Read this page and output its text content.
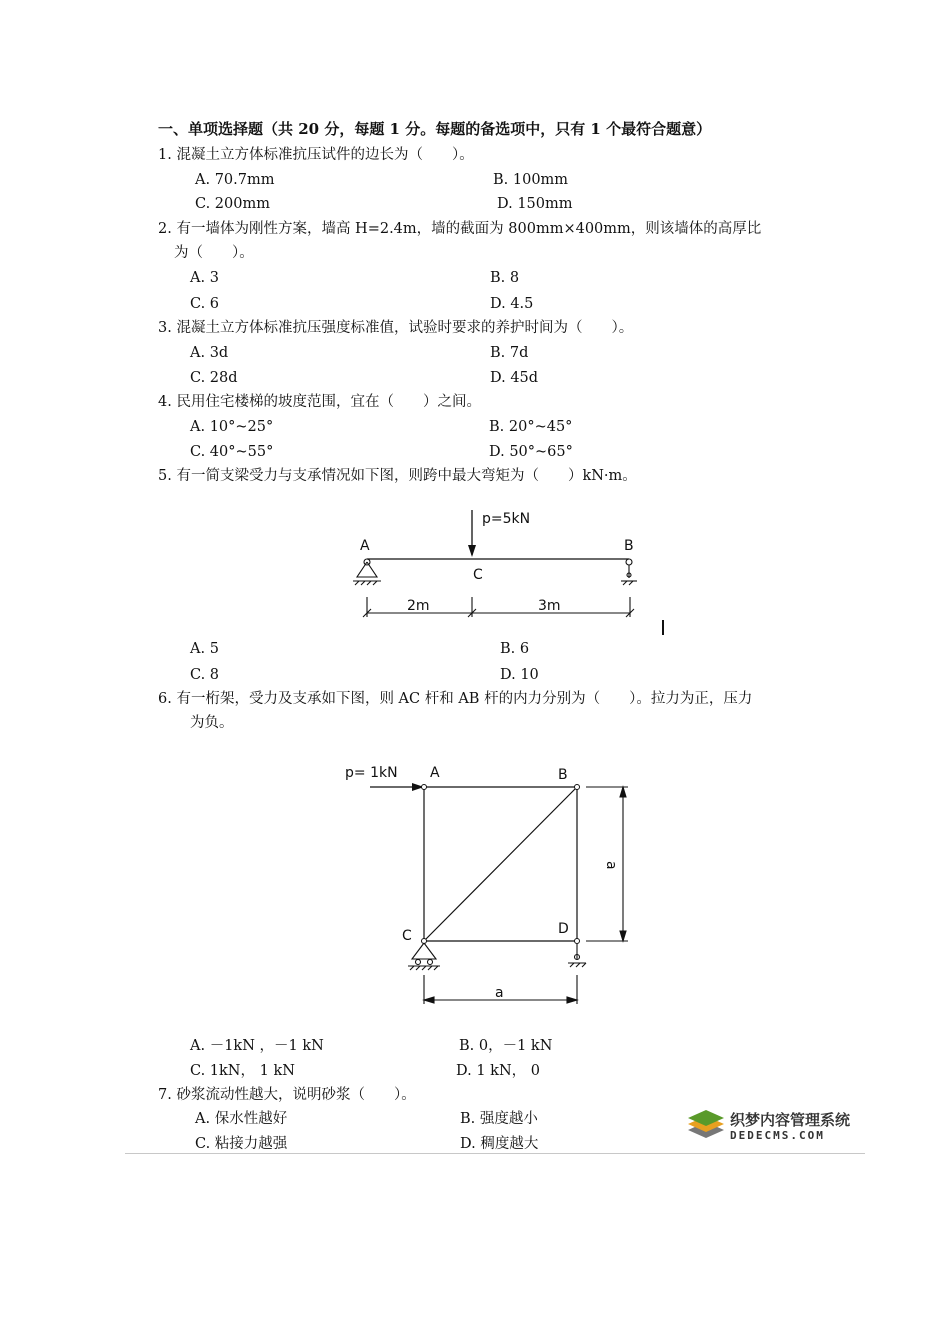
一、单项选择题（共 20 分，每题 1 分。每题的备选项中，只有 1 个最符合题意）
1. 混凝土立方体标准抗压试件的边长为（　　）。
A. 70.7mm	B. 100mm
C. 200mm	D. 150mm
2. 有一墙体为刚性方案，墙高 H=2.4m，墙的截面为 800mm×400mm，则该墙体的高厚比
为（　　）。
A. 3	B. 8
C. 6	D. 4.5
3. 混凝土立方体标准抗压强度标准值，试验时要求的养护时间为（　　）。
A. 3d	B. 7d
C. 28d	D. 45d
4. 民用住宅楼梯的坡度范围，宜在（　　）之间。
A. 10°~25°	B. 20°~45°
C. 40°~55°	D. 50°~65°
5. 有一简支梁受力与支承情况如下图，则跨中最大弯矩为（　　）kN·m。
p=5kN
A	B
C
2m	3m
A. 5	B. 6
C. 8	D. 10
6. 有一桁架，受力及支承如下图，则 AC 杆和 AB 杆的内力分别为（　　）。拉力为正，压力
为负。
p= 1kN A	B
C	D
a
a
A. －1kN ，－1 kN	B. 0，－1 kN
C. 1kN， 1 kN	D. 1 kN， 0
7. 砂浆流动性越大，说明砂浆（　　）。
A. 保水性越好	B. 强度越小
C. 粘接力越强	D. 稠度越大
织梦内容管理系统
DEDECMS.COM
